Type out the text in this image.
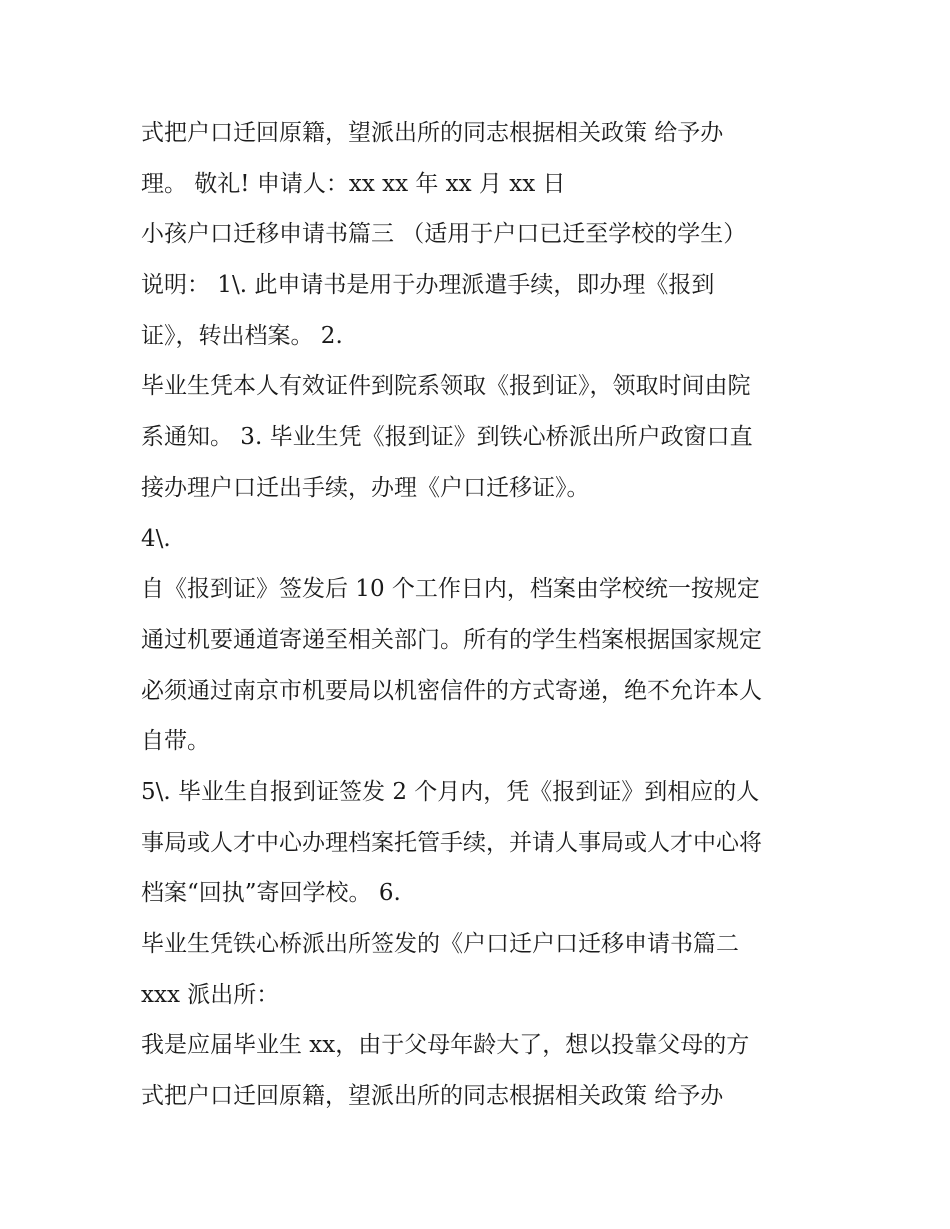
式把户口迁回原籍，望派出所的同志根据相关政策 给予办
理。 敬礼! 申请人：xx xx 年 xx 月 xx 日
小孩户口迁移申请书篇三 （适用于户口已迁至学校的学生）
说明： 1\. 此申请书是用于办理派遣手续，即办理《报到
证》，转出档案。 2.
毕业生凭本人有效证件到院系领取《报到证》，领取时间由院
系通知。 3. 毕业生凭《报到证》到铁心桥派出所户政窗口直
接办理户口迁出手续，办理《户口迁移证》。
4\.
自《报到证》签发后 10 个工作日内，档案由学校统一按规定
通过机要通道寄递至相关部门。所有的学生档案根据国家规定
必须通过南京市机要局以机密信件的方式寄递，绝不允许本人
自带。
5\. 毕业生自报到证签发 2 个月内，凭《报到证》到相应的人
事局或人才中心办理档案托管手续，并请人事局或人才中心将
档案“回执”寄回学校。 6.
毕业生凭铁心桥派出所签发的《户口迁户口迁移申请书篇二
xxx 派出所：
我是应届毕业生 xx，由于父母年龄大了，想以投靠父母的方
式把户口迁回原籍，望派出所的同志根据相关政策 给予办
